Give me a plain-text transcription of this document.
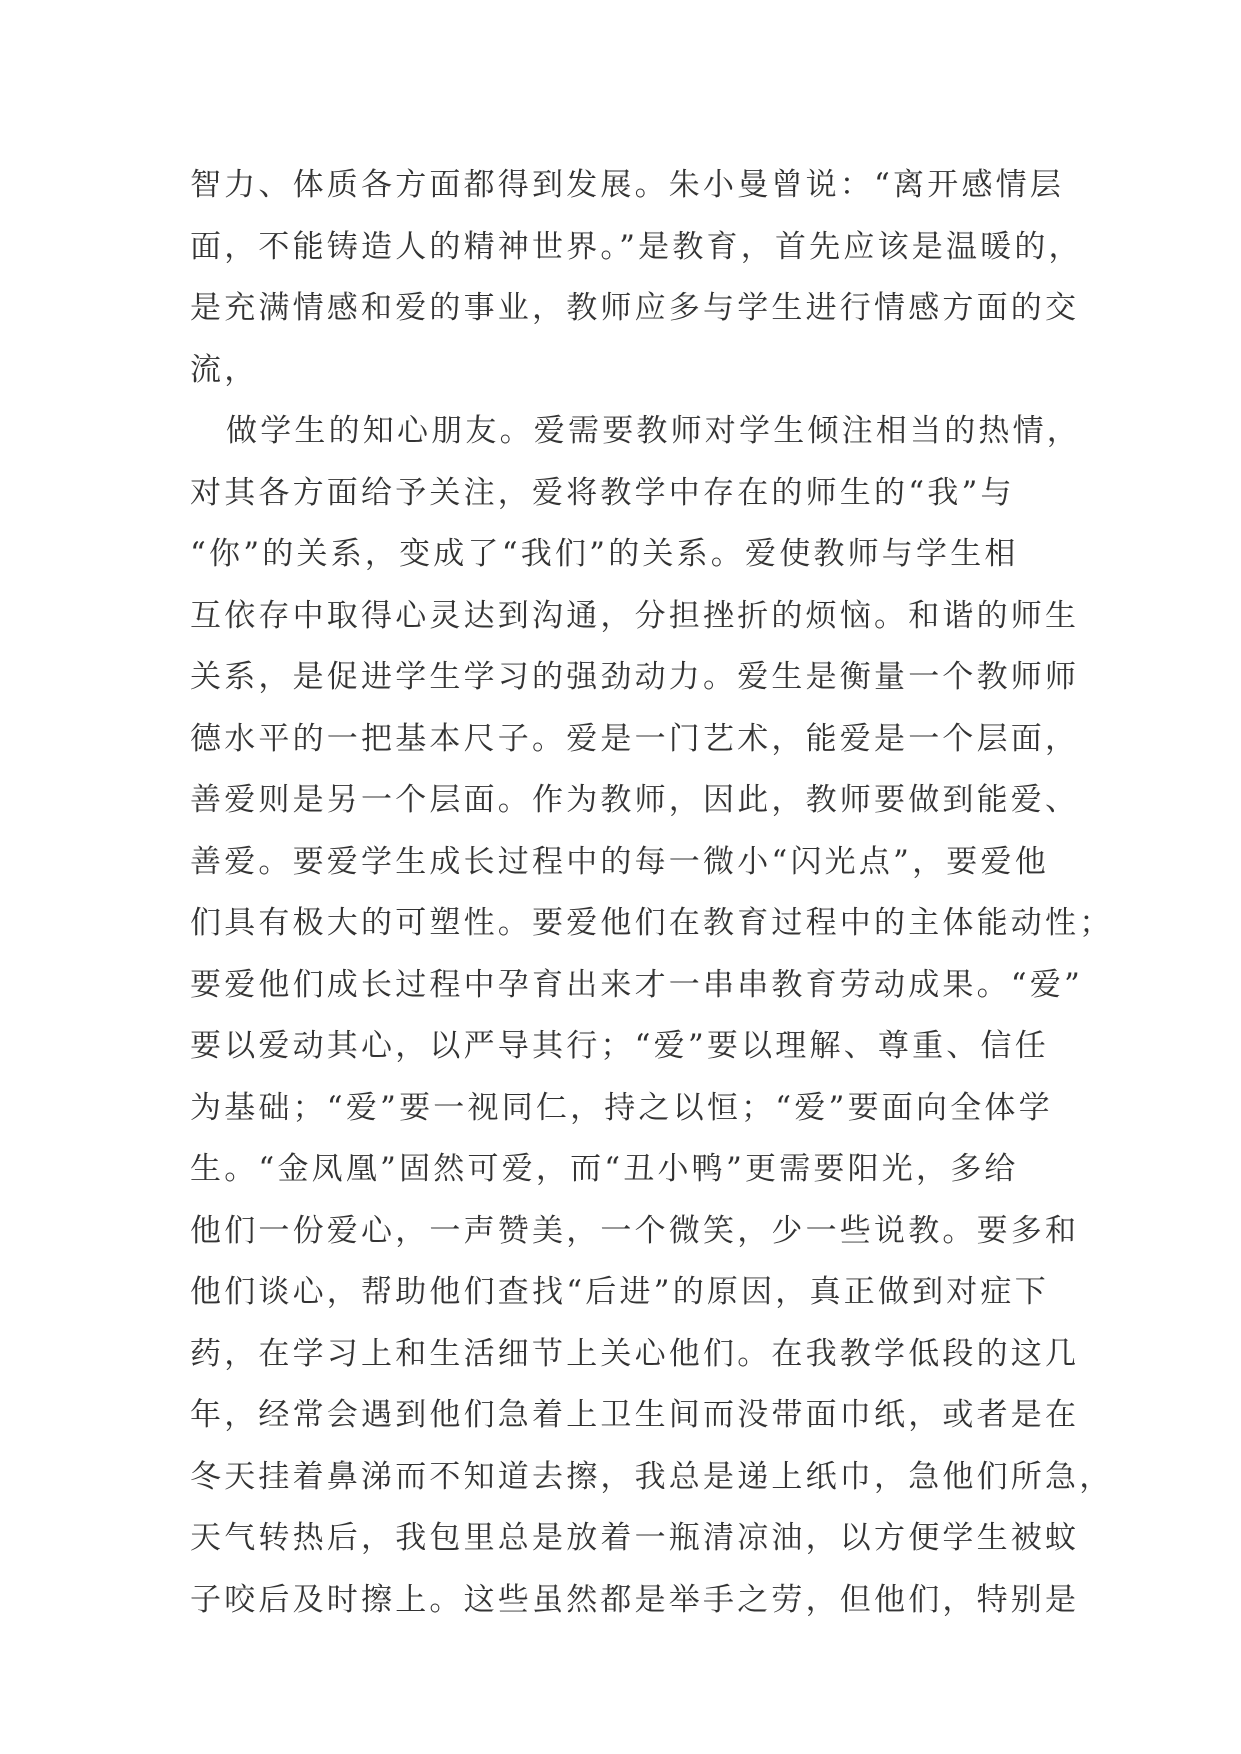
智力、体质各方面都得到发展。朱小曼曾说：“离开感情层
面，不能铸造人的精神世界。”是教育，首先应该是温暖的，
是充满情感和爱的事业，教师应多与学生进行情感方面的交
流，
做学生的知心朋友。爱需要教师对学生倾注相当的热情，
对其各方面给予关注，爱将教学中存在的师生的“我”与
“你”的关系，变成了“我们”的关系。爱使教师与学生相
互依存中取得心灵达到沟通，分担挫折的烦恼。和谐的师生
关系，是促进学生学习的强劲动力。爱生是衡量一个教师师
德水平的一把基本尺子。爱是一门艺术，能爱是一个层面，
善爱则是另一个层面。作为教师，因此，教师要做到能爱、
善爱。要爱学生成长过程中的每一微小“闪光点”，要爱他
们具有极大的可塑性。要爱他们在教育过程中的主体能动性；
要爱他们成长过程中孕育出来才一串串教育劳动成果。“爱”
要以爱动其心，以严导其行；“爱”要以理解、尊重、信任
为基础；“爱”要一视同仁，持之以恒；“爱”要面向全体学
生。“金凤凰”固然可爱，而“丑小鸭”更需要阳光，多给
他们一份爱心，一声赞美，一个微笑，少一些说教。要多和
他们谈心，帮助他们查找“后进”的原因，真正做到对症下
药，在学习上和生活细节上关心他们。在我教学低段的这几
年，经常会遇到他们急着上卫生间而没带面巾纸，或者是在
冬天挂着鼻涕而不知道去擦，我总是递上纸巾，急他们所急，
天气转热后，我包里总是放着一瓶清凉油，以方便学生被蚊
子咬后及时擦上。这些虽然都是举手之劳，但他们，特别是
